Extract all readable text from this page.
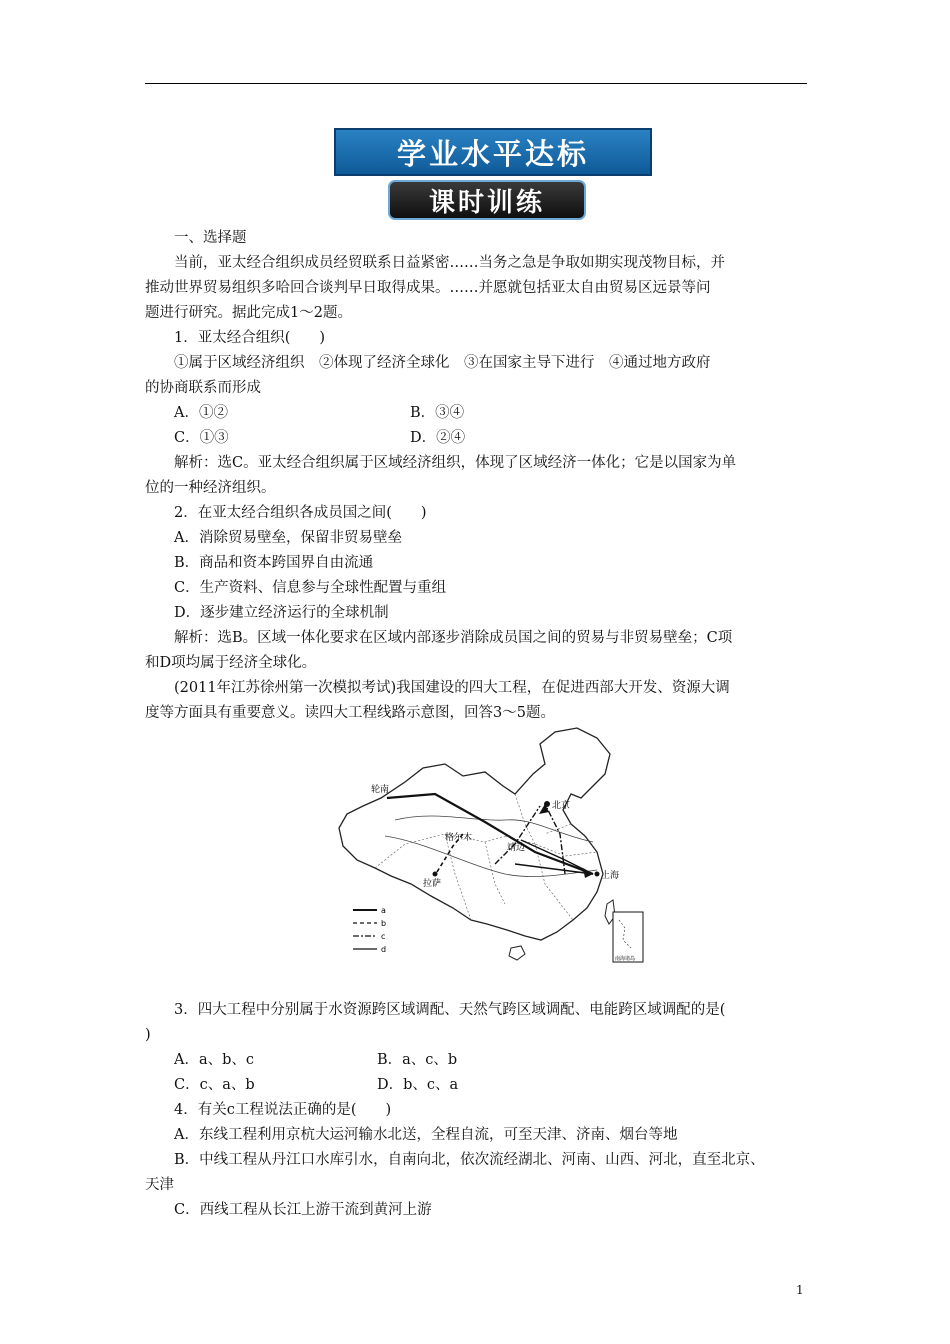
学业水平达标
课时训练
一、选择题
当前，亚太经合组织成员经贸联系日益紧密……当务之急是争取如期实现茂物目标，并
推动世界贸易组织多哈回合谈判早日取得成果。……并愿就包括亚太自由贸易区远景等问
题进行研究。据此完成1～2题。
1．亚太经合组织(　　)
①属于区域经济组织　②体现了经济全球化　③在国家主导下进行　④通过地方政府
的协商联系而形成
A．①②	B．③④
C．①③	D．②④
解析：选C。亚太经合组织属于区域经济组织，体现了区域经济一体化；它是以国家为单
位的一种经济组织。
2．在亚太经合组织各成员国之间(　　)
A．消除贸易壁垒，保留非贸易壁垒
B．商品和资本跨国界自由流通
C．生产资料、信息参与全球性配置与重组
D．逐步建立经济运行的全球机制
解析：选B。区域一体化要求在区域内部逐步消除成员国之间的贸易与非贸易壁垒；C项
和D项均属于经济全球化。
(2011年江苏徐州第一次模拟考试)我国建设的四大工程，在促进西部大开发、资源大调
度等方面具有重要意义。读四大工程线路示意图，回答3～5题。
轮南
北京
格尔木
靖边
拉萨
上海
a
b
c
d
南海诸岛
3．四大工程中分别属于水资源跨区域调配、天然气跨区域调配、电能跨区域调配的是(
)
A．a、b、c	B．a、c、b
C．c、a、b	D．b、c、a
4．有关c工程说法正确的是(　　)
A．东线工程利用京杭大运河输水北送，全程自流，可至天津、济南、烟台等地
B．中线工程从丹江口水库引水，自南向北，依次流经湖北、河南、山西、河北，直至北京、
天津
C．西线工程从长江上游干流到黄河上游
1
